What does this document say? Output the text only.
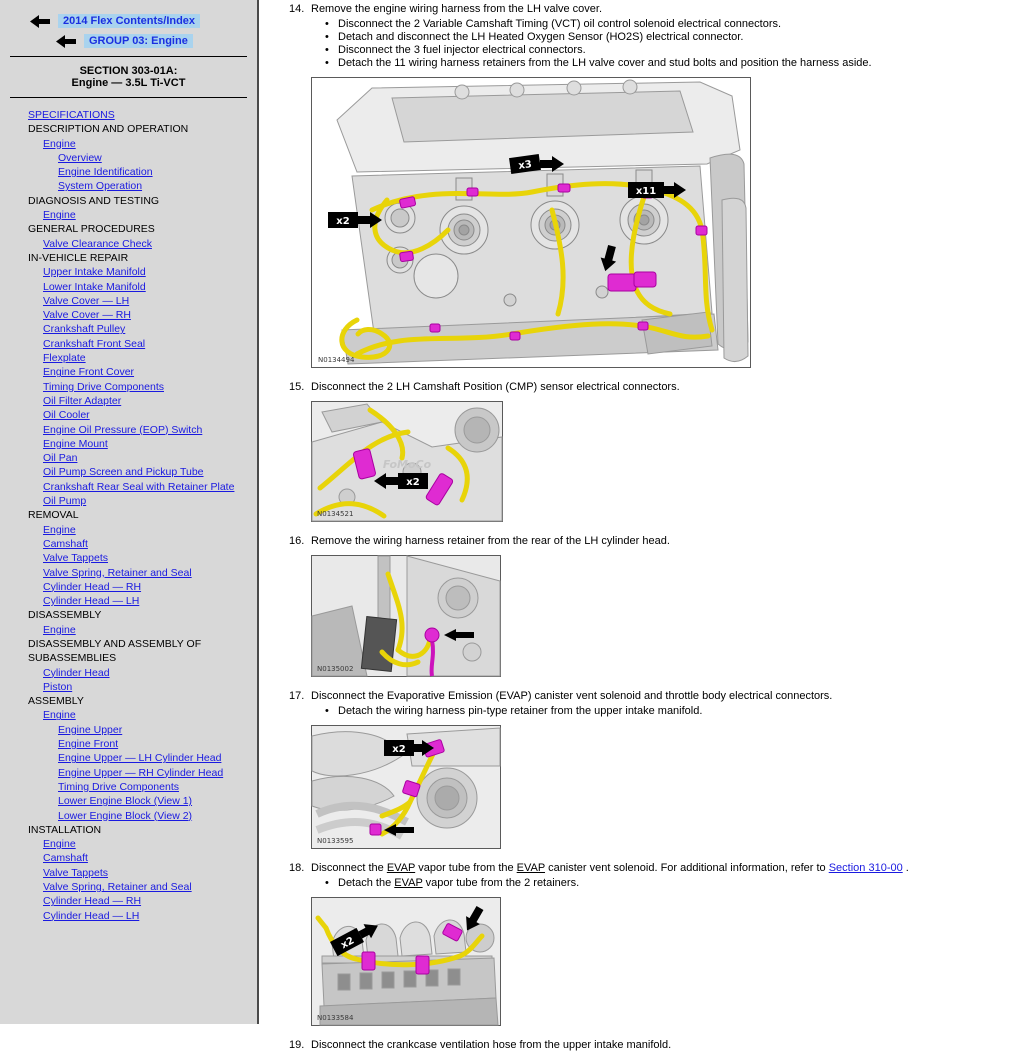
2014 Flex Contents/Index
GROUP 03: Engine
SECTION 303-01A:
Engine — 3.5L Ti-VCT
SPECIFICATIONS
DESCRIPTION AND OPERATION
Engine
Overview
Engine Identification
System Operation
DIAGNOSIS AND TESTING
Engine
GENERAL PROCEDURES
Valve Clearance Check
IN-VEHICLE REPAIR
Upper Intake Manifold
Lower Intake Manifold
Valve Cover — LH
Valve Cover — RH
Crankshaft Pulley
Crankshaft Front Seal
Flexplate
Engine Front Cover
Timing Drive Components
Oil Filter Adapter
Oil Cooler
Engine Oil Pressure (EOP) Switch
Engine Mount
Oil Pan
Oil Pump Screen and Pickup Tube
Crankshaft Rear Seal with Retainer Plate
Oil Pump
REMOVAL
Engine
Camshaft
Valve Tappets
Valve Spring, Retainer and Seal
Cylinder Head — RH
Cylinder Head — LH
DISASSEMBLY
Engine
DISASSEMBLY AND ASSEMBLY OF SUBASSEMBLIES
Cylinder Head
Piston
ASSEMBLY
Engine
Engine Upper
Engine Front
Engine Upper — LH Cylinder Head
Engine Upper — RH Cylinder Head
Timing Drive Components
Lower Engine Block (View 1)
Lower Engine Block (View 2)
INSTALLATION
Engine
Camshaft
Valve Tappets
Valve Spring, Retainer and Seal
Cylinder Head — RH
Cylinder Head — LH
14. Remove the engine wiring harness from the LH valve cover.
• Disconnect the 2 Variable Camshaft Timing (VCT) oil control solenoid electrical connectors.
• Detach and disconnect the LH Heated Oxygen Sensor (HO2S) electrical connector.
• Disconnect the 3 fuel injector electrical connectors.
• Detach the 11 wiring harness retainers from the LH valve cover and stud bolts and position the harness aside.
x2
x3
x11
N0134494
15. Disconnect the 2 LH Camshaft Position (CMP) sensor electrical connectors.
FoMoCo
x2
N0134521
16. Remove the wiring harness retainer from the rear of the LH cylinder head.
N0135002
17. Disconnect the Evaporative Emission (EVAP) canister vent solenoid and throttle body electrical connectors.
• Detach the wiring harness pin-type retainer from the upper intake manifold.
x2
N0133595
18. Disconnect the EVAP vapor tube from the EVAP canister vent solenoid. For additional information, refer to Section 310-00 .
• Detach the EVAP vapor tube from the 2 retainers.
x2
N0133584
19. Disconnect the crankcase ventilation hose from the upper intake manifold.
